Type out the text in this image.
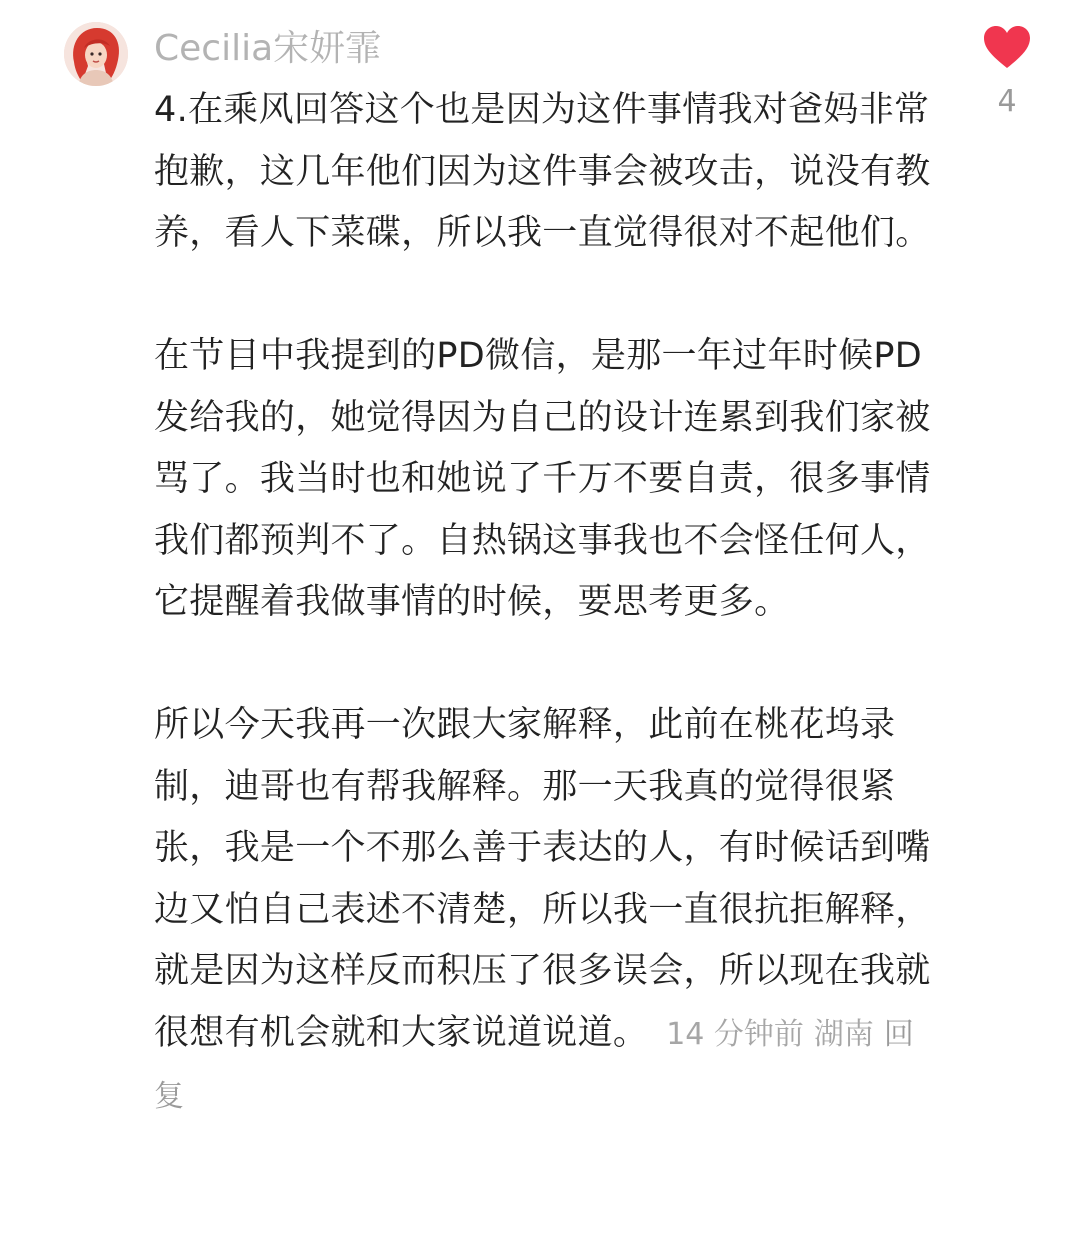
Cecilia宋妍霏
4

4.在乘风回答这个也是因为这件事情我对爸妈非常抱歉，这几年他们因为这件事会被攻击，说没有教养，看人下菜碟，所以我一直觉得很对不起他们。

在节目中我提到的PD微信，是那一年过年时候PD发给我的，她觉得因为自己的设计连累到我们家被骂了。我当时也和她说了千万不要自责，很多事情我们都预判不了。自热锅这事我也不会怪任何人，它提醒着我做事情的时候，要思考更多。

所以今天我再一次跟大家解释，此前在桃花坞录制，迪哥也有帮我解释。那一天我真的觉得很紧张，我是一个不那么善于表达的人，有时候话到嘴边又怕自己表述不清楚，所以我一直很抗拒解释，就是因为这样反而积压了很多误会，所以现在我就很想有机会就和大家说道说道。 14 分钟前 湖南 回复
